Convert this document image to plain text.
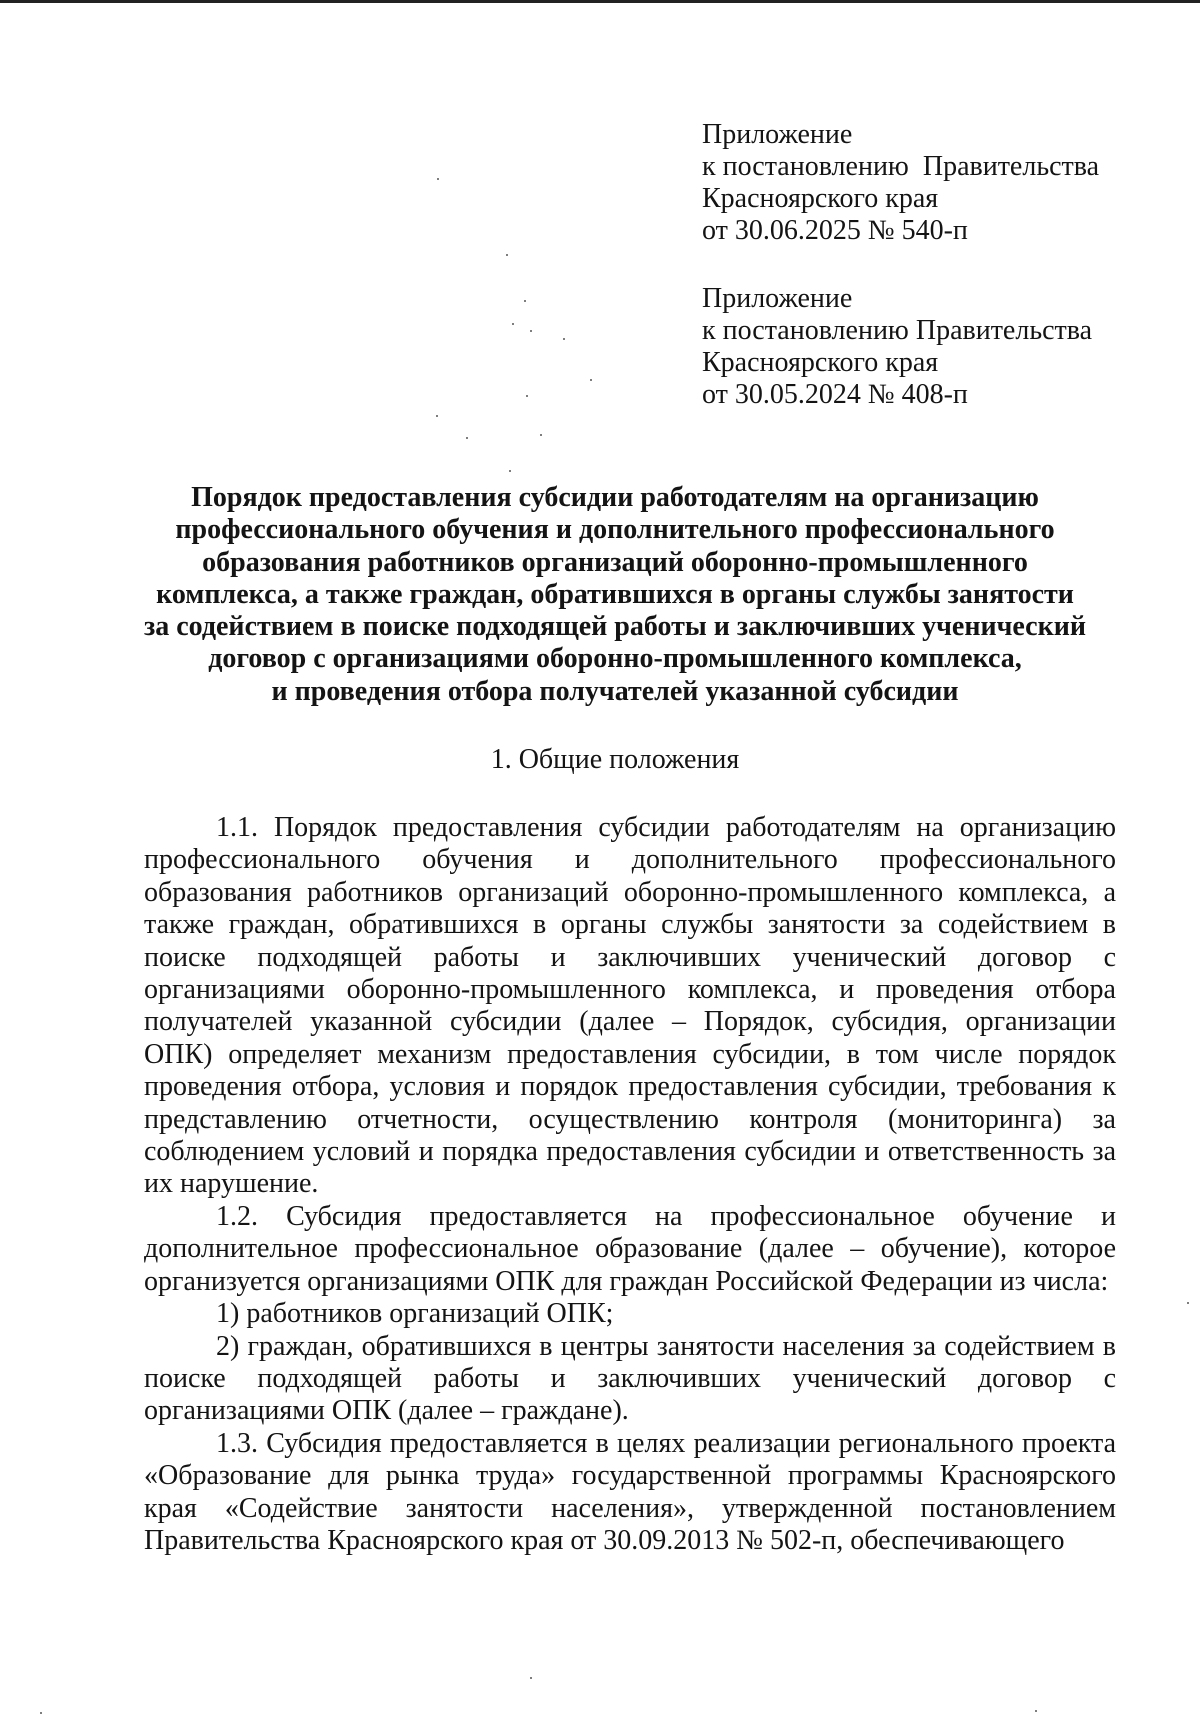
Приложение
к постановлению  Правительства
Красноярского края
от 30.06.2025 № 540-п
Приложение
к постановлению Правительства
Красноярского края
от 30.05.2024 № 408-п
Порядок предоставления субсидии работодателям на организацию
профессионального обучения и дополнительного профессионального
образования работников организаций оборонно-промышленного
комплекса, а также граждан, обратившихся в органы службы занятости
за содействием в поиске подходящей работы и заключивших ученический
договор с организациями оборонно-промышленного комплекса,
и проведения отбора получателей указанной субсидии
1. Общие положения

1.1. Порядок предоставления субсидии работодателям на организацию профессионального обучения и дополнительного профессионального образования работников организаций оборонно-промышленного комплекса, а также граждан, обратившихся в органы службы занятости за содействием в поиске подходящей работы и заключивших ученический договор с организациями оборонно-промышленного комплекса, и проведения отбора получателей указанной субсидии (далее – Порядок, субсидия, организации ОПК) определяет механизм предоставления субсидии, в том числе порядок проведения отбора, условия и порядок предоставления субсидии, требования к представлению отчетности, осуществлению контроля (мониторинга) за соблюдением условий и порядка предоставления субсидии и ответственность за их нарушение.

1.2. Субсидия предоставляется на профессиональное обучение и дополнительное профессиональное образование (далее – обучение), которое организуется организациями ОПК для граждан Российской Федерации из числа:

1) работников организаций ОПК;

2) граждан, обратившихся в центры занятости населения за содействием в поиске подходящей работы и заключивших ученический договор с организациями ОПК (далее – граждане).

1.3. Субсидия предоставляется в целях реализации регионального проекта «Образование для рынка труда» государственной программы Красноярского края «Содействие занятости населения», утвержденной постановлением Правительства Красноярского края от 30.09.2013 № 502-п, обеспечивающего
